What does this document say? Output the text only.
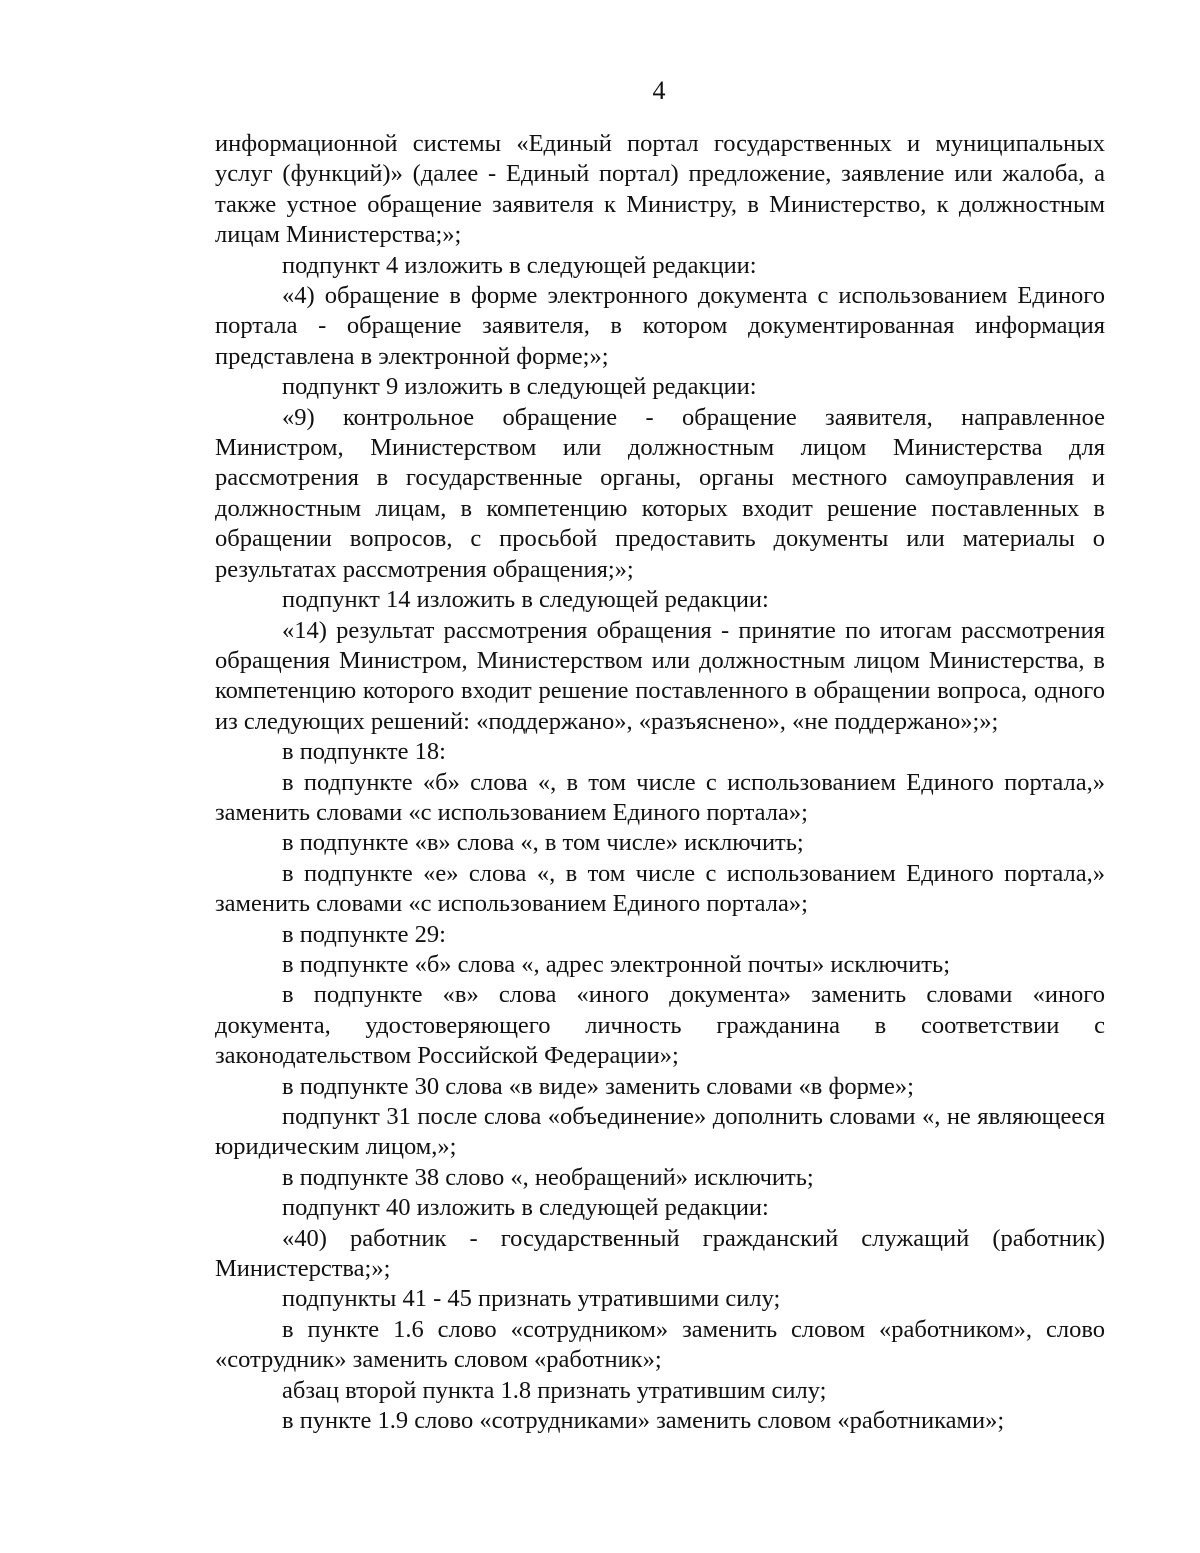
4

информационной системы «Единый портал государственных и муниципальных услуг (функций)» (далее - Единый портал) предложение, заявление или жалоба, а также устное обращение заявителя к Министру, в Министерство, к должностным лицам Министерства;»;

подпункт 4 изложить в следующей редакции:

«4) обращение в форме электронного документа с использованием Единого портала - обращение заявителя, в котором документированная информация представлена в электронной форме;»;

подпункт 9 изложить в следующей редакции:

«9) контрольное обращение - обращение заявителя, направленное Министром, Министерством или должностным лицом Министерства для рассмотрения в государственные органы, органы местного самоуправления и должностным лицам, в компетенцию которых входит решение поставленных в обращении вопросов, с просьбой предоставить документы или материалы о результатах рассмотрения обращения;»;

подпункт 14 изложить в следующей редакции:

«14) результат рассмотрения обращения - принятие по итогам рассмотрения обращения Министром, Министерством или должностным лицом Министерства, в компетенцию которого входит решение поставленного в обращении вопроса, одного из следующих решений: «поддержано», «разъяснено», «не поддержано»;»;

в подпункте 18:

в подпункте «б» слова «, в том числе с использованием Единого портала,» заменить словами «с использованием Единого портала»;

в подпункте «в» слова «, в том числе» исключить;

в подпункте «е» слова «, в том числе с использованием Единого портала,» заменить словами «с использованием Единого портала»;

в подпункте 29:

в подпункте «б» слова «, адрес электронной почты» исключить;

в подпункте «в» слова «иного документа» заменить словами «иного документа, удостоверяющего личность гражданина в соответствии с законодательством Российской Федерации»;

в подпункте 30 слова «в виде» заменить словами «в форме»;

подпункт 31 после слова «объединение» дополнить словами «, не являющееся юридическим лицом,»;

в подпункте 38 слово «, необращений» исключить;

подпункт 40 изложить в следующей редакции:

«40) работник - государственный гражданский служащий (работник) Министерства;»;

подпункты 41 - 45 признать утратившими силу;

в пункте 1.6 слово «сотрудником» заменить словом «работником», слово «сотрудник» заменить словом «работник»;

абзац второй пункта 1.8 признать утратившим силу;

в пункте 1.9 слово «сотрудниками» заменить словом «работниками»;
